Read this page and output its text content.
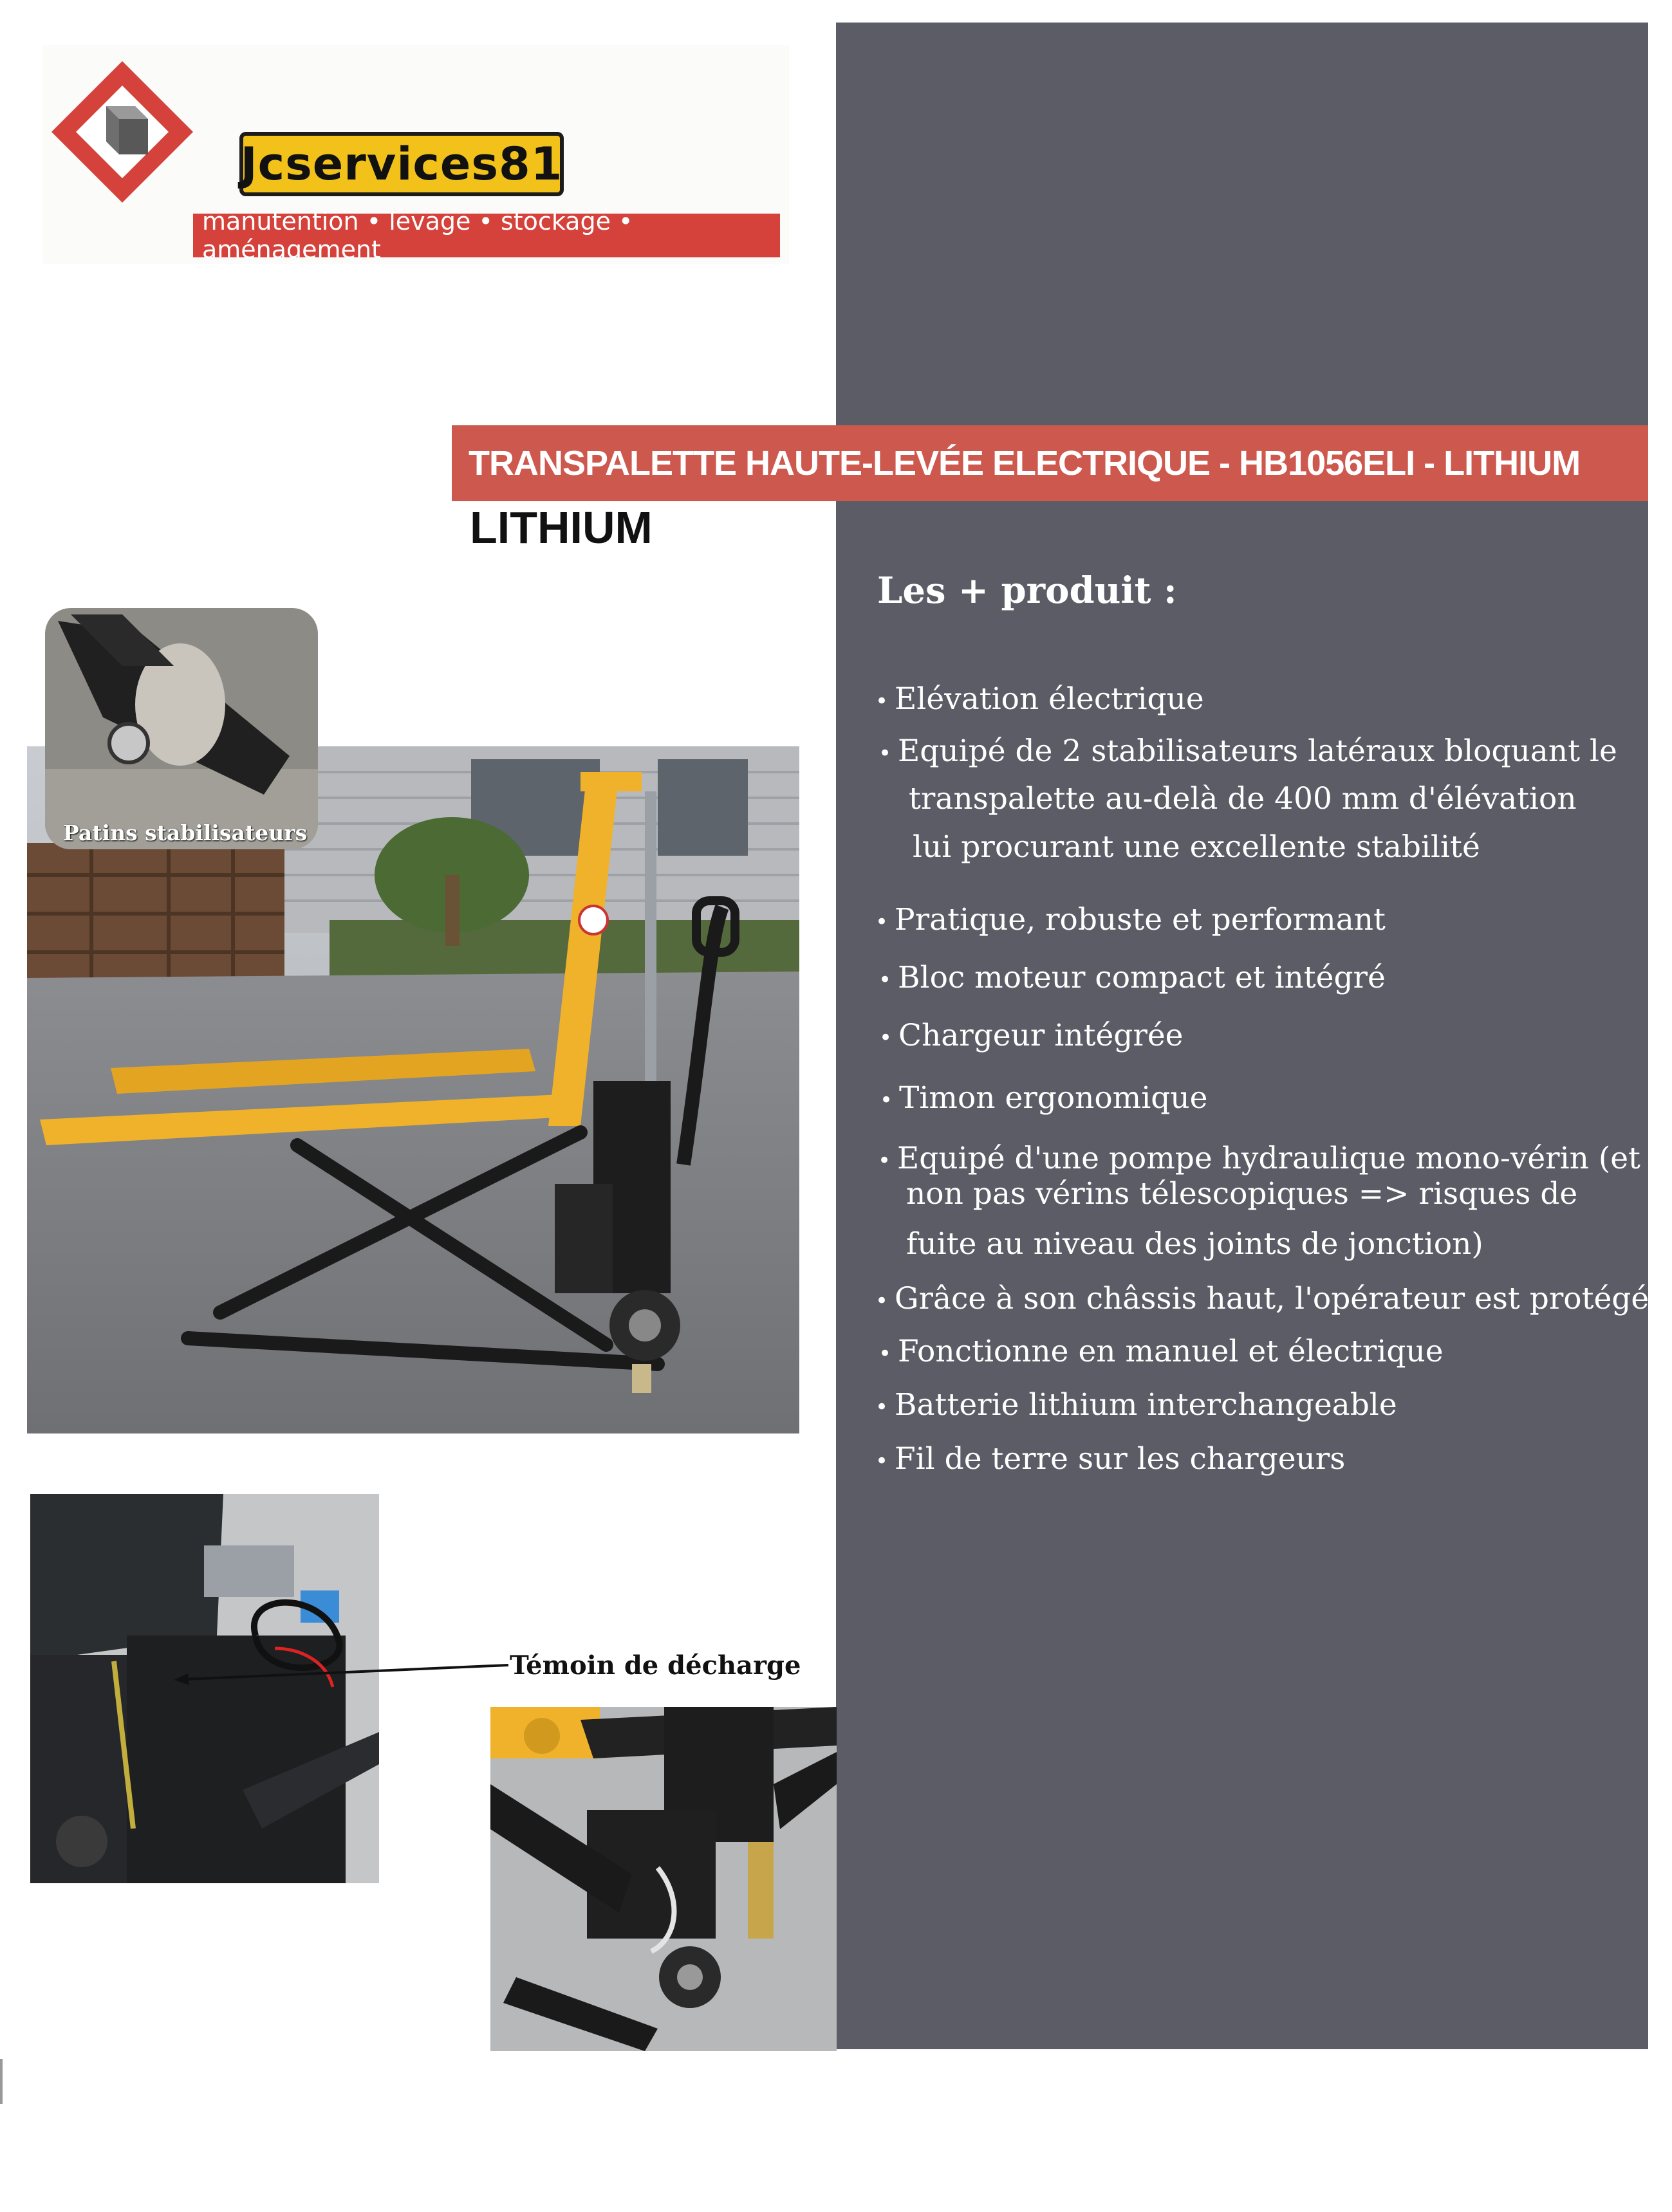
Jcservices81
manutention • levage • stockage • aménagement
TRANSPALETTE HAUTE-LEVÉE ELECTRIQUE - HB1056ELI - LITHIUM
LITHIUM
Les + produit :
• Elévation électrique
• Equipé de 2 stabilisateurs latéraux bloquant le
transpalette au-delà de 400 mm d'élévation
lui procurant une excellente stabilité
• Pratique, robuste et performant
• Bloc moteur compact et intégré
• Chargeur intégrée
• Timon ergonomique
• Equipé d'une pompe hydraulique mono-vérin (et
non pas vérins télescopiques => risques de
fuite au niveau des joints de jonction)
• Grâce à son châssis haut, l'opérateur est protégé
• Fonctionne en manuel et électrique
• Batterie lithium interchangeable
• Fil de terre sur les chargeurs
Patins stabilisateurs
Témoin de décharge
